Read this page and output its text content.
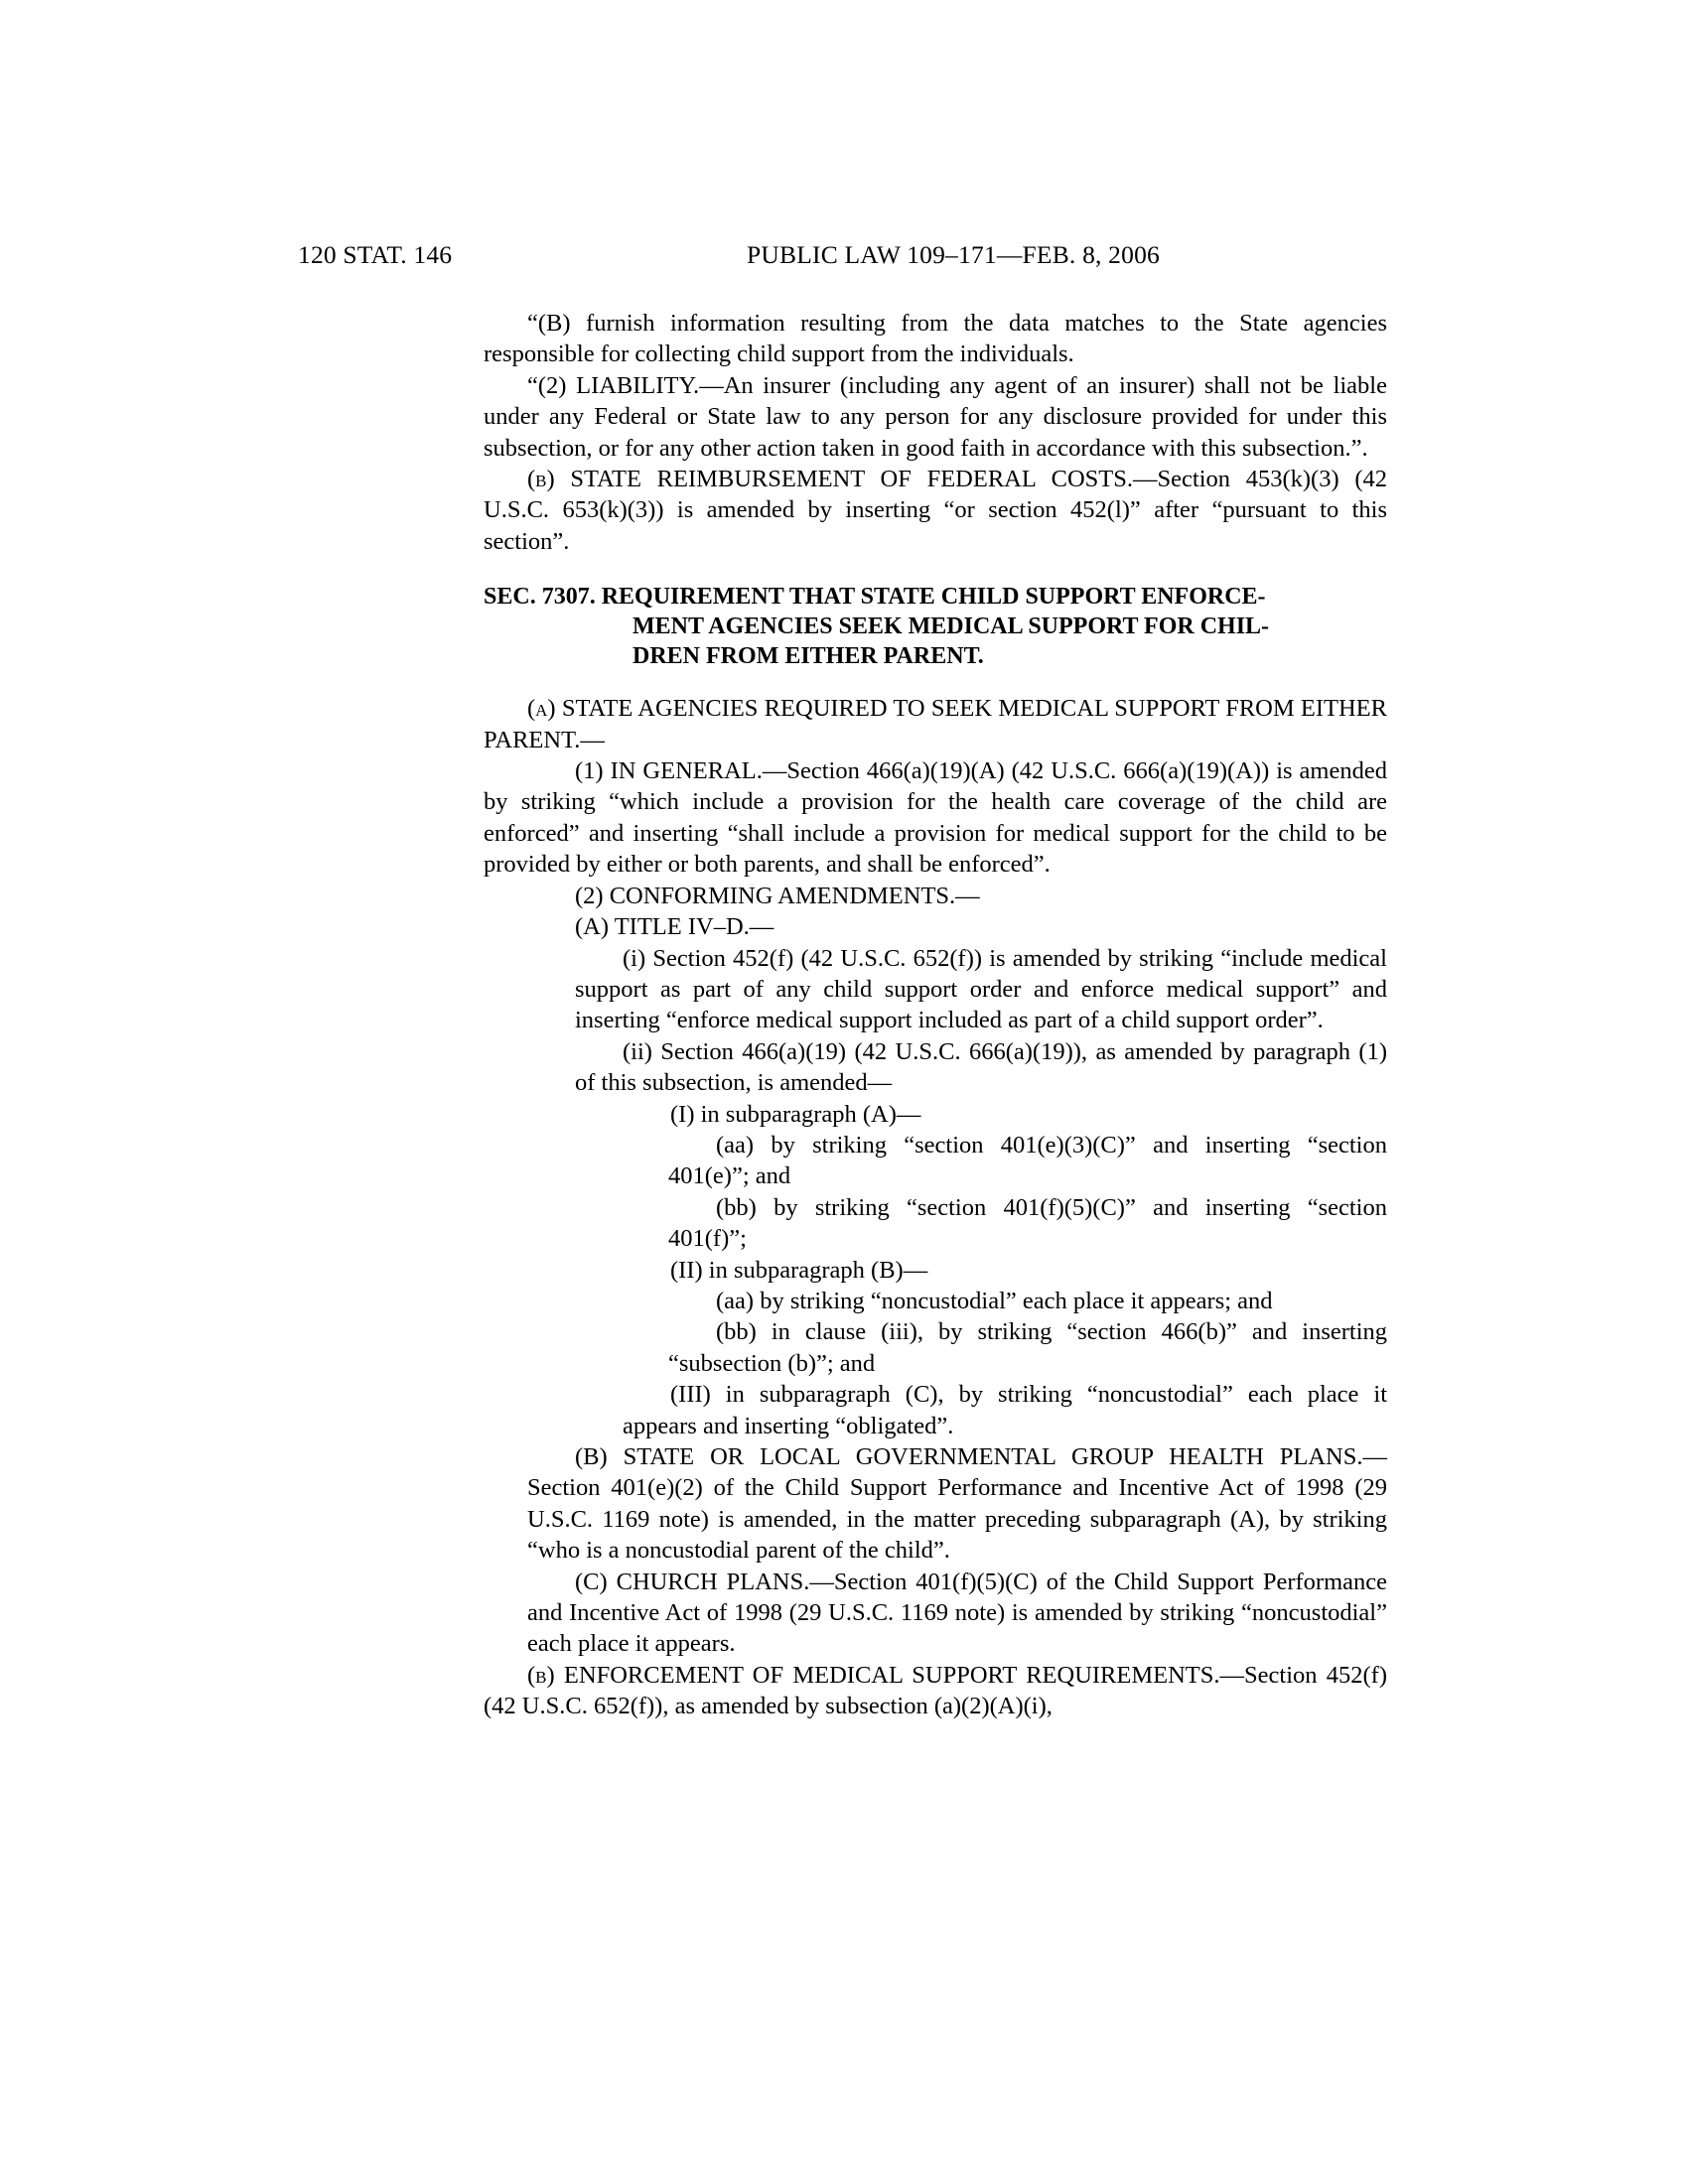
120 STAT. 146	PUBLIC LAW 109–171—FEB. 8, 2006

“(B) furnish information resulting from the data matches to the State agencies responsible for collecting child support from the individuals.

“(2) LIABILITY.—An insurer (including any agent of an insurer) shall not be liable under any Federal or State law to any person for any disclosure provided for under this subsection, or for any other action taken in good faith in accordance with this subsection.”.

(b) STATE REIMBURSEMENT OF FEDERAL COSTS.—Section 453(k)(3) (42 U.S.C. 653(k)(3)) is amended by inserting “or section 452(l)” after “pursuant to this section”.

SEC. 7307. REQUIREMENT THAT STATE CHILD SUPPORT ENFORCE-
MENT AGENCIES SEEK MEDICAL SUPPORT FOR CHIL-
DREN FROM EITHER PARENT.

(a) STATE AGENCIES REQUIRED TO SEEK MEDICAL SUPPORT FROM EITHER PARENT.—

(1) IN GENERAL.—Section 466(a)(19)(A) (42 U.S.C. 666(a)(19)(A)) is amended by striking “which include a provision for the health care coverage of the child are enforced” and inserting “shall include a provision for medical support for the child to be provided by either or both parents, and shall be enforced”.

(2) CONFORMING AMENDMENTS.—

(A) TITLE IV–D.—

(i) Section 452(f) (42 U.S.C. 652(f)) is amended by striking “include medical support as part of any child support order and enforce medical support” and inserting “enforce medical support included as part of a child support order”.

(ii) Section 466(a)(19) (42 U.S.C. 666(a)(19)), as amended by paragraph (1) of this subsection, is amended—

(I) in subparagraph (A)—

(aa) by striking “section 401(e)(3)(C)” and inserting “section 401(e)”; and

(bb) by striking “section 401(f)(5)(C)” and inserting “section 401(f)”;

(II) in subparagraph (B)—

(aa) by striking “noncustodial” each place it appears; and

(bb) in clause (iii), by striking “section 466(b)” and inserting “subsection (b)”; and

(III) in subparagraph (C), by striking “noncustodial” each place it appears and inserting “obligated”.

(B) STATE OR LOCAL GOVERNMENTAL GROUP HEALTH PLANS.—Section 401(e)(2) of the Child Support Performance and Incentive Act of 1998 (29 U.S.C. 1169 note) is amended, in the matter preceding subparagraph (A), by striking “who is a noncustodial parent of the child”.

(C) CHURCH PLANS.—Section 401(f)(5)(C) of the Child Support Performance and Incentive Act of 1998 (29 U.S.C. 1169 note) is amended by striking “noncustodial” each place it appears.

(b) ENFORCEMENT OF MEDICAL SUPPORT REQUIREMENTS.—Section 452(f) (42 U.S.C. 652(f)), as amended by subsection (a)(2)(A)(i),
